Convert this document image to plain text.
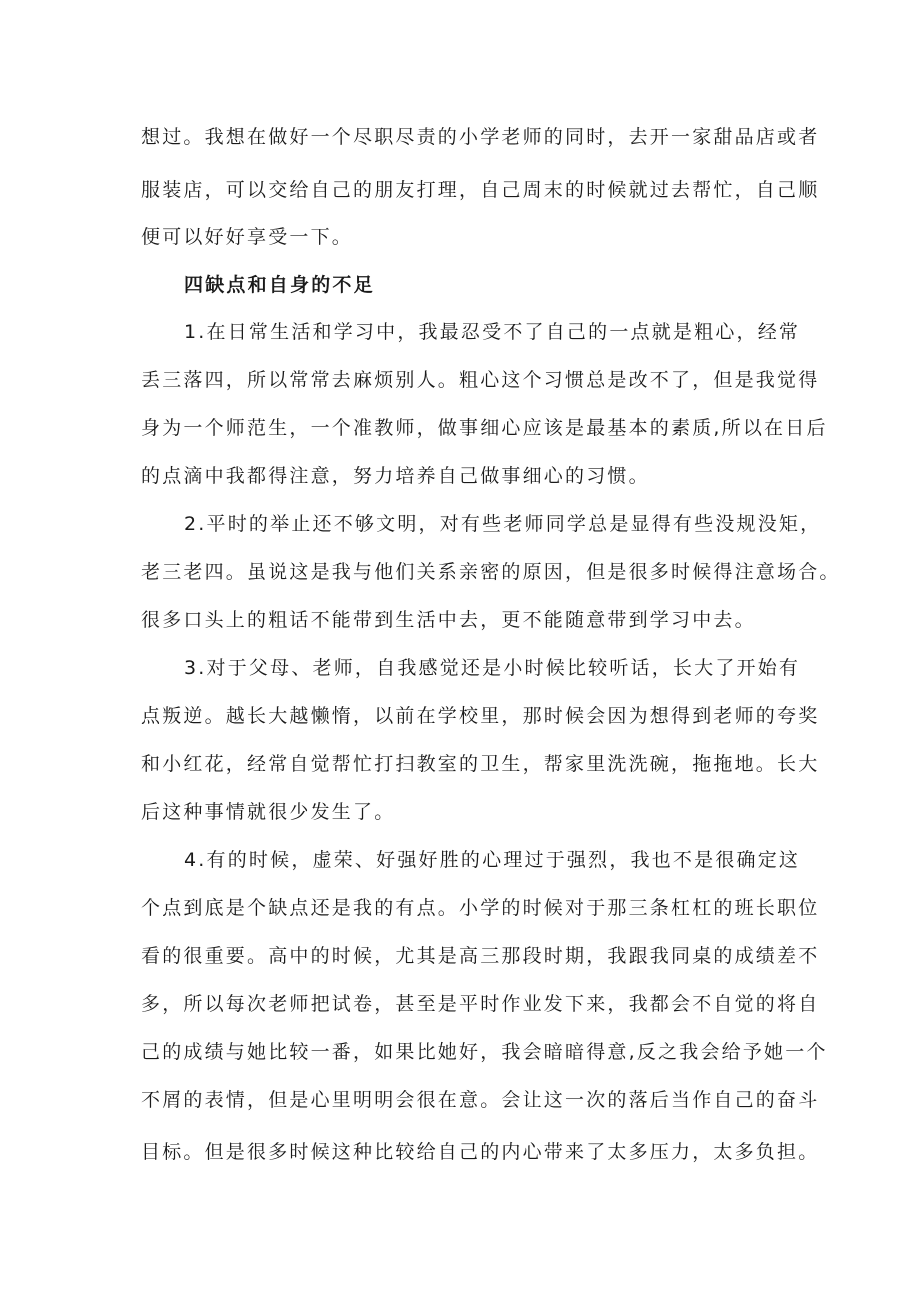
想过。我想在做好一个尽职尽责的小学老师的同时，去开一家甜品店或者
服装店，可以交给自己的朋友打理，自己周末的时候就过去帮忙，自己顺
便可以好好享受一下。
四缺点和自身的不足
1.在日常生活和学习中，我最忍受不了自己的一点就是粗心，经常
丢三落四，所以常常去麻烦别人。粗心这个习惯总是改不了，但是我觉得
身为一个师范生，一个准教师，做事细心应该是最基本的素质,所以在日后
的点滴中我都得注意，努力培养自己做事细心的习惯。
2.平时的举止还不够文明，对有些老师同学总是显得有些没规没矩，
老三老四。虽说这是我与他们关系亲密的原因，但是很多时候得注意场合。
很多口头上的粗话不能带到生活中去，更不能随意带到学习中去。
3.对于父母、老师，自我感觉还是小时候比较听话，长大了开始有
点叛逆。越长大越懒惰，以前在学校里，那时候会因为想得到老师的夸奖
和小红花，经常自觉帮忙打扫教室的卫生，帮家里洗洗碗，拖拖地。长大
后这种事情就很少发生了。
4.有的时候，虚荣、好强好胜的心理过于强烈，我也不是很确定这
个点到底是个缺点还是我的有点。小学的时候对于那三条杠杠的班长职位
看的很重要。高中的时候，尤其是高三那段时期，我跟我同桌的成绩差不
多，所以每次老师把试卷，甚至是平时作业发下来，我都会不自觉的将自
己的成绩与她比较一番，如果比她好，我会暗暗得意,反之我会给予她一个
不屑的表情，但是心里明明会很在意。会让这一次的落后当作自己的奋斗
目标。但是很多时候这种比较给自己的内心带来了太多压力，太多负担。
